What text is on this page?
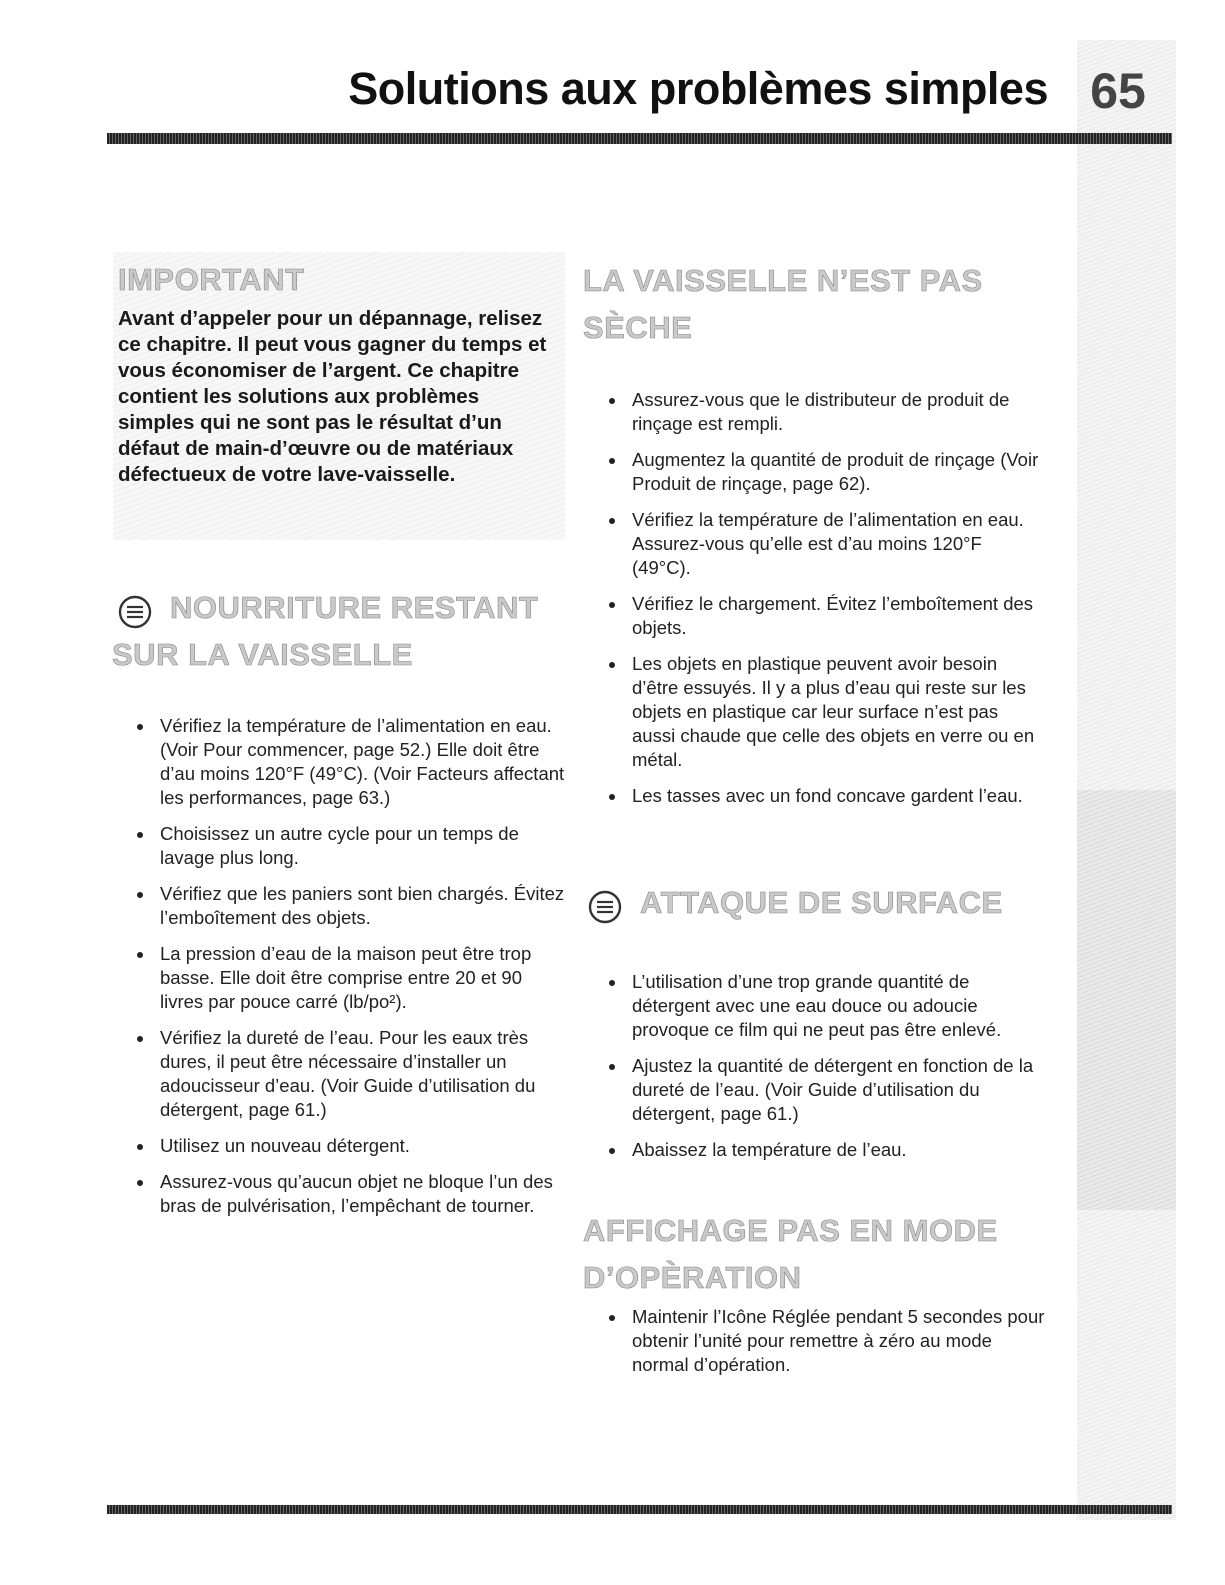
Solutions aux problèmes simples 65
IMPORTANT
Avant d’appeler pour un dépannage, relisez ce chapitre. Il peut vous gagner du temps et vous économiser de l’argent. Ce chapitre contient les solutions aux problèmes simples qui ne sont pas le résultat d’un défaut de main-d’œuvre ou de matériaux défectueux de votre lave-vaisselle.
NOURRITURE RESTANT
SUR LA VAISSELLE
Vérifiez la température de l’alimentation en eau. (Voir Pour commencer, page 52.) Elle doit être d’au moins 120°F (49°C). (Voir Facteurs affectant les performances, page 63.)
Choisissez un autre cycle pour un temps de lavage plus long.
Vérifiez que les paniers sont bien chargés. Évitez l’emboîtement des objets.
La pression d’eau de la maison peut être trop basse. Elle doit être comprise entre 20 et 90 livres par pouce carré (lb/po²).
Vérifiez la dureté de l’eau. Pour les eaux très dures, il peut être nécessaire d’installer un adoucisseur d’eau. (Voir Guide d’utilisation du détergent, page 61.)
Utilisez un nouveau détergent.
Assurez-vous qu’aucun objet ne bloque l’un des bras de pulvérisation, l’empêchant de tourner.
LA VAISSELLE N’EST PAS
SÈCHE
Assurez-vous que le distributeur de produit de rinçage est rempli.
Augmentez la quantité de produit de rinçage (Voir Produit de rinçage, page 62).
Vérifiez la température de l’alimentation en eau. Assurez-vous qu’elle est d’au moins 120°F (49°C).
Vérifiez le chargement. Évitez l’emboîtement des objets.
Les objets en plastique peuvent avoir besoin d’être essuyés. Il y a plus d’eau qui reste sur les objets en plastique car leur surface n’est pas aussi chaude que celle des objets en verre ou en métal.
Les tasses avec un fond concave gardent l’eau.
ATTAQUE DE SURFACE
L’utilisation d’une trop grande quantité de détergent avec une eau douce ou adoucie provoque ce film qui ne peut pas être enlevé.
Ajustez la quantité de détergent en fonction de la dureté de l’eau. (Voir Guide d’utilisation du détergent, page 61.)
Abaissez la température de l’eau.
AFFICHAGE PAS EN MODE
D’OPÈRATION
Maintenir l’Icône Réglée pendant 5 secondes pour obtenir l’unité pour remettre à zéro au mode normal d’opération.
